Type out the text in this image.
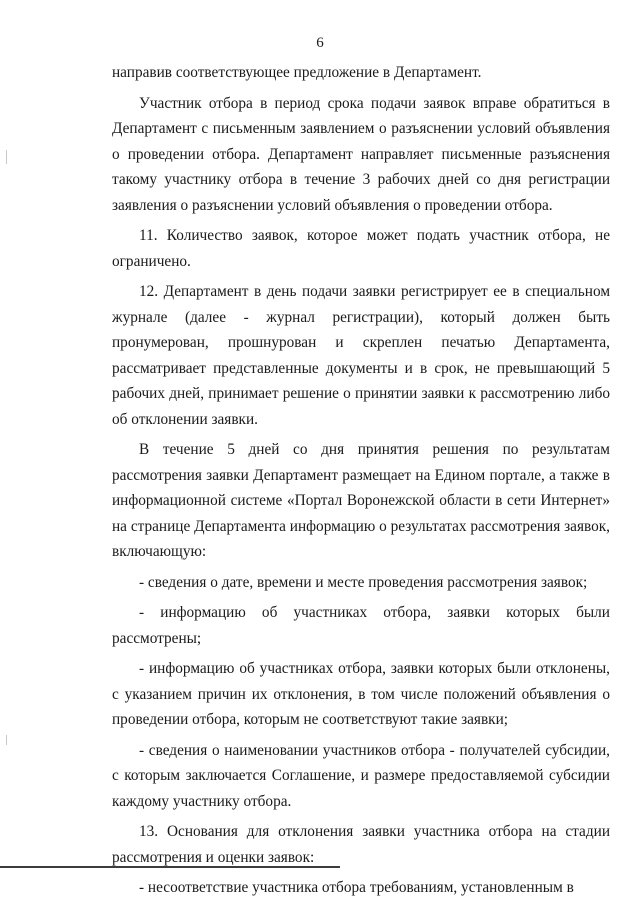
6

направив соответствующее предложение в Департамент.

Участник отбора в период срока подачи заявок вправе обратиться в Департамент с письменным заявлением о разъяснении условий объявления о проведении отбора. Департамент направляет письменные разъяснения такому участнику отбора в течение 3 рабочих дней со дня регистрации заявления о разъяснении условий объявления о проведении отбора.

11. Количество заявок, которое может подать участник отбора, не ограничено.

12. Департамент в день подачи заявки регистрирует ее в специальном журнале (далее - журнал регистрации), который должен быть пронумерован, прошнурован и скреплен печатью Департамента, рассматривает представленные документы и в срок, не превышающий 5 рабочих дней, принимает решение о принятии заявки к рассмотрению либо об отклонении заявки.

В течение 5 дней со дня принятия решения по результатам рассмотрения заявки Департамент размещает на Едином портале, а также в информационной системе «Портал Воронежской области в сети Интернет» на странице Департамента информацию о результатах рассмотрения заявок, включающую:

- сведения о дате, времени и месте проведения рассмотрения заявок;

- информацию об участниках отбора, заявки которых были рассмотрены;

- информацию об участниках отбора, заявки которых были отклонены, с указанием причин их отклонения, в том числе положений объявления о проведении отбора, которым не соответствуют такие заявки;

- сведения о наименовании участников отбора - получателей субсидии, с которым заключается Соглашение, и размере предоставляемой субсидии каждому участнику отбора.

13. Основания для отклонения заявки участника отбора на стадии рассмотрения и оценки заявок:

- несоответствие участника отбора требованиям, установленным в
